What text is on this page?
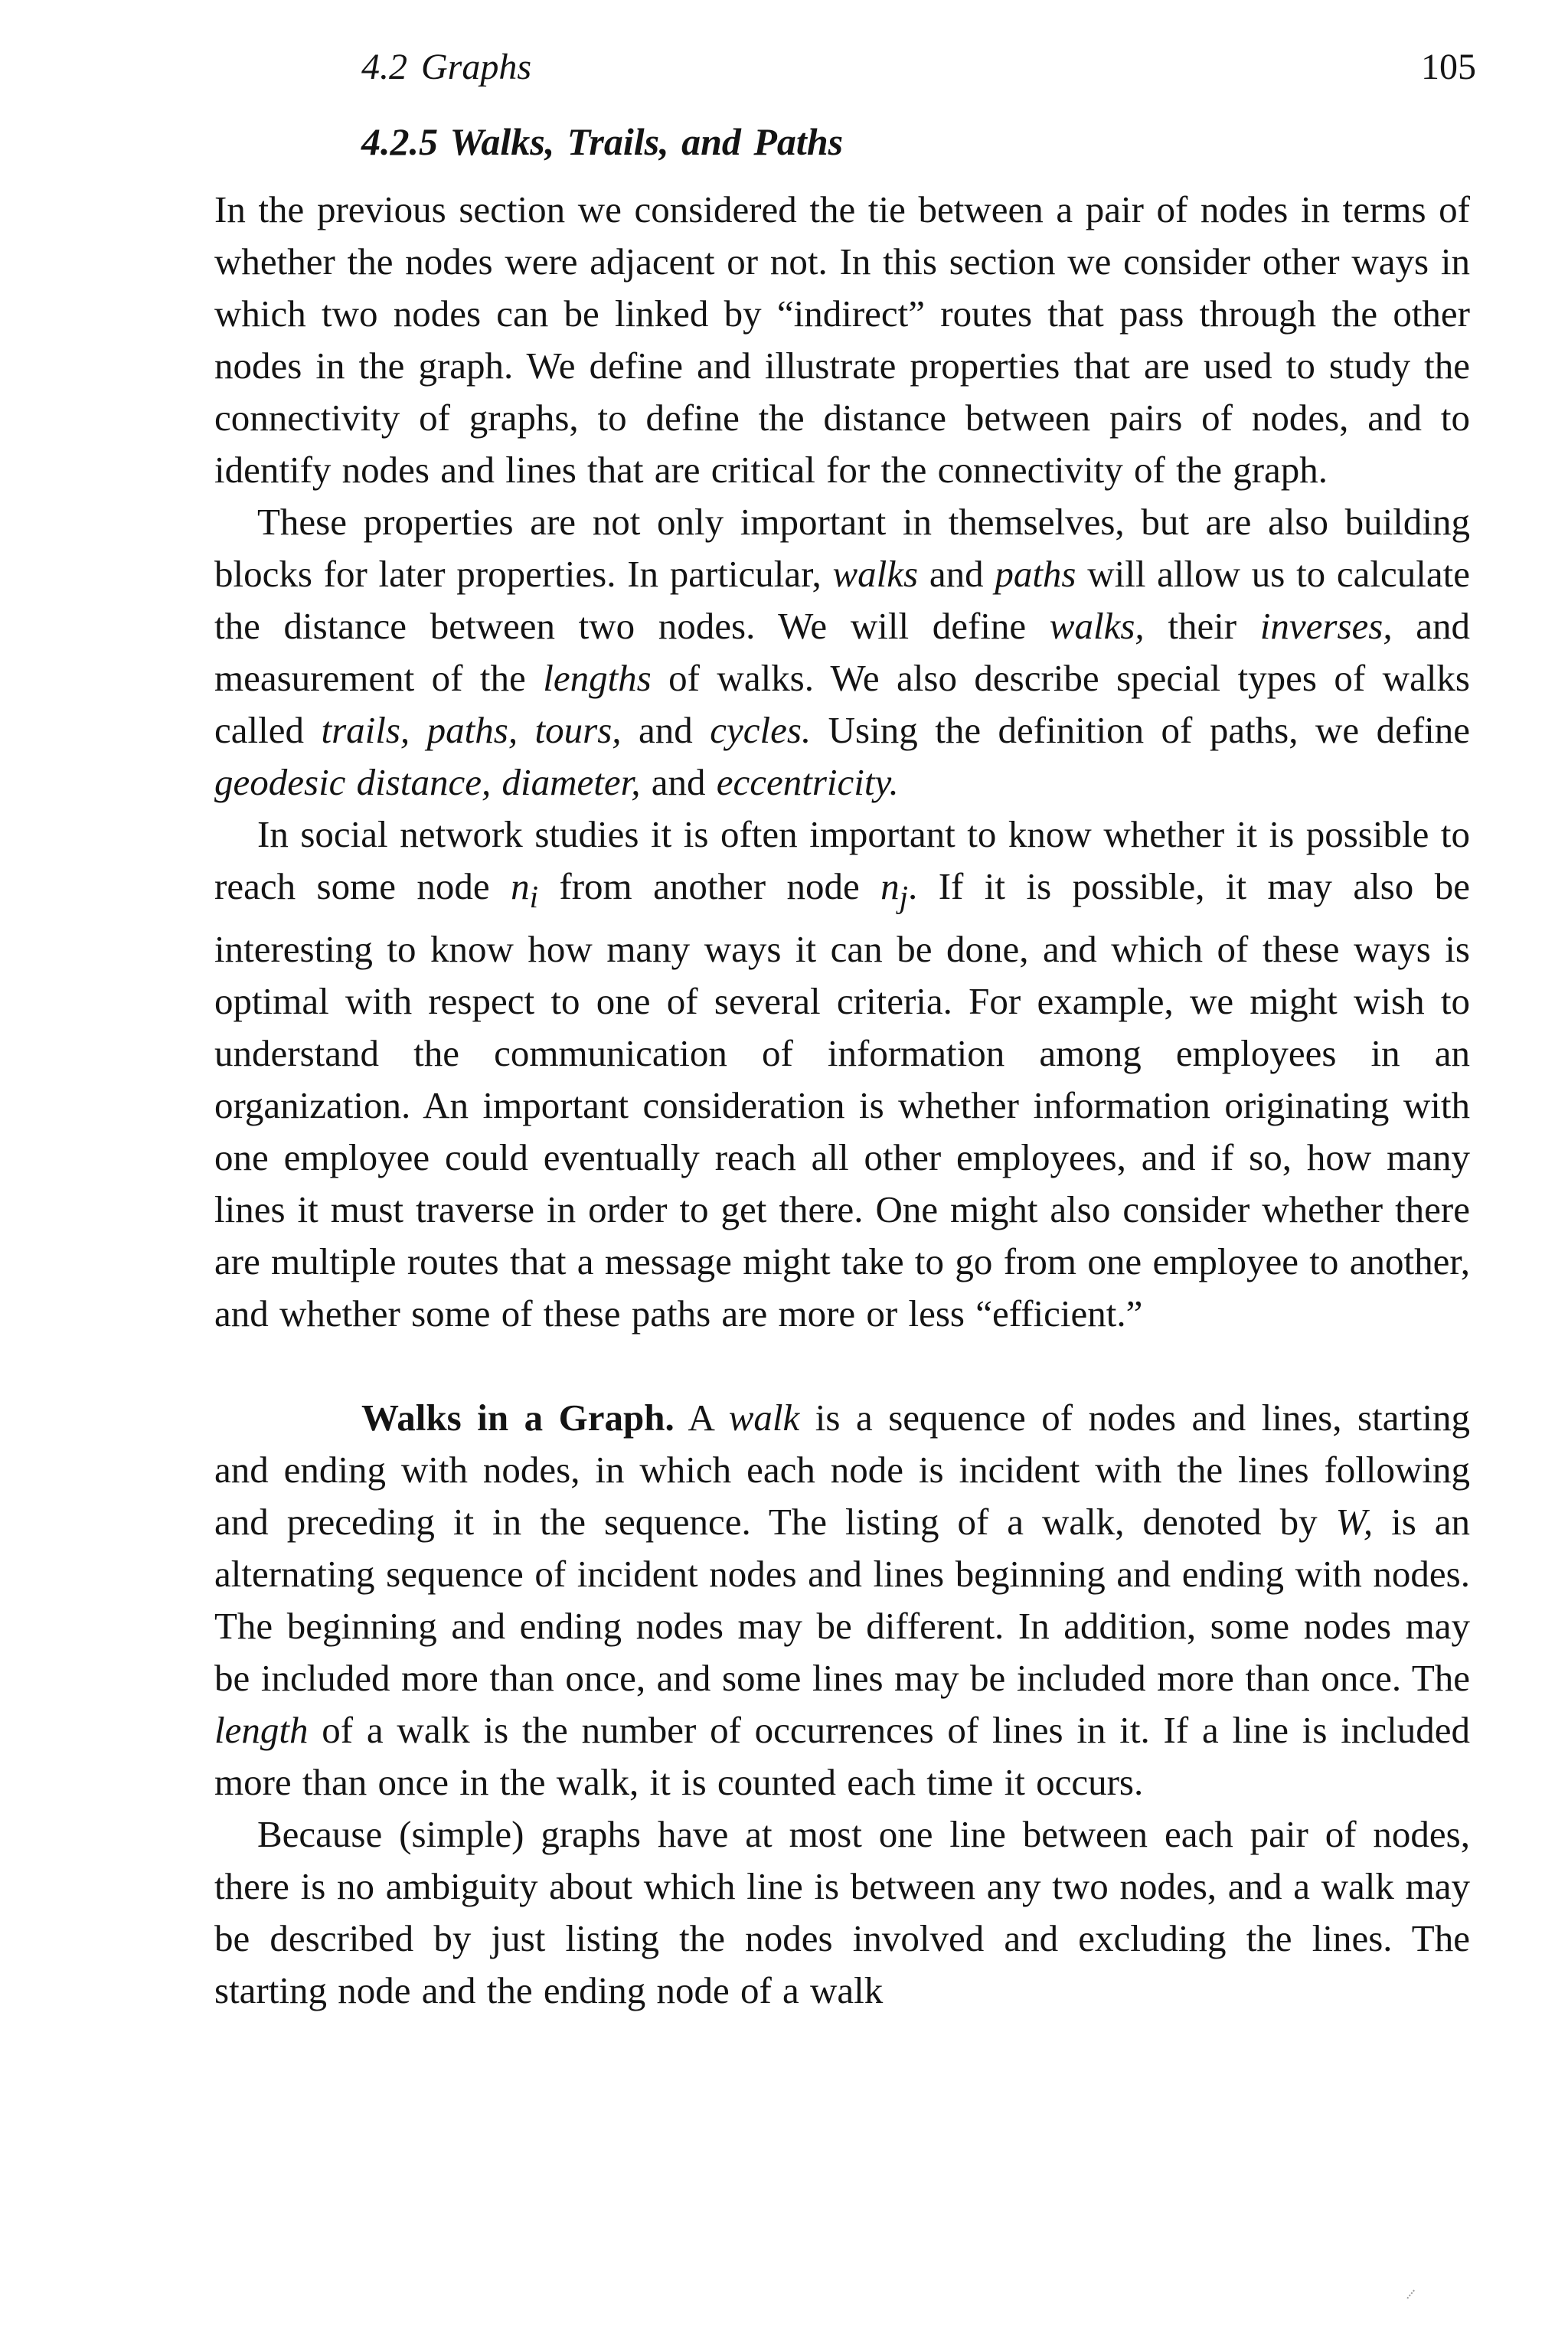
4.2 Graphs	105
4.2.5 Walks, Trails, and Paths

In the previous section we considered the tie between a pair of nodes in terms of whether the nodes were adjacent or not. In this section we consider other ways in which two nodes can be linked by “indirect” routes that pass through the other nodes in the graph. We define and illustrate properties that are used to study the connectivity of graphs, to define the distance between pairs of nodes, and to identify nodes and lines that are critical for the connectivity of the graph.

These properties are not only important in themselves, but are also building blocks for later properties. In particular, walks and paths will allow us to calculate the distance between two nodes. We will define walks, their inverses, and measurement of the lengths of walks. We also describe special types of walks called trails, paths, tours, and cycles. Using the definition of paths, we define geodesic distance, diameter, and eccentricity.

In social network studies it is often important to know whether it is possible to reach some node $n_i$ from another node $n_j$. If it is possible, it may also be interesting to know how many ways it can be done, and which of these ways is optimal with respect to one of several criteria. For example, we might wish to understand the communication of information among employees in an organization. An important consideration is whether information originating with one employee could eventually reach all other employees, and if so, how many lines it must traverse in order to get there. One might also consider whether there are multiple routes that a message might take to go from one employee to another, and whether some of these paths are more or less “efficient.”

Walks in a Graph. A walk is a sequence of nodes and lines, starting and ending with nodes, in which each node is incident with the lines following and preceding it in the sequence. The listing of a walk, denoted by W, is an alternating sequence of incident nodes and lines beginning and ending with nodes. The beginning and ending nodes may be different. In addition, some nodes may be included more than once, and some lines may be included more than once. The length of a walk is the number of occurrences of lines in it. If a line is included more than once in the walk, it is counted each time it occurs.

Because (simple) graphs have at most one line between each pair of nodes, there is no ambiguity about which line is between any two nodes, and a walk may be described by just listing the nodes involved and excluding the lines. The starting node and the ending node of a walk
